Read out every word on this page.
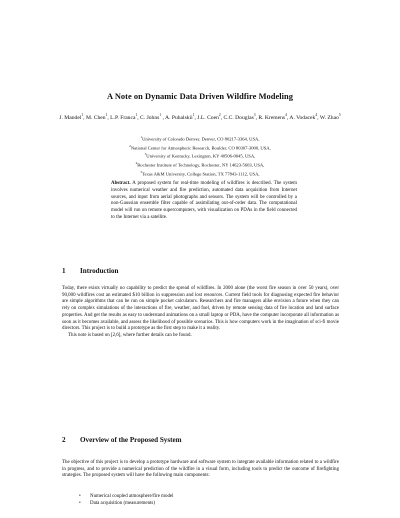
A Note on Dynamic Data Driven Wildfire Modeling
J. Mandel$^1$, M. Chen$^1$, L.P. Franca$^1$, C. Johns$^1$ , A. Puhalskii$^1$, J.L. Coen$^2$, C.C. Douglas$^3$, R. Kremens$^4$, A. Vodacek$^4$, W. Zhao$^5$
$^1$University of Colorado Denver, Denver, CO 80217-3364, USA,
$^2$National Center for Atmospheric Research, Boulder, CO 80307-3000, USA,
$^3$University of Kentucky, Lexington, KY 40506-0045, USA,
$^4$Rochester Institute of Technology, Rochester, NY 14623-5603, USA,
$^5$Texas A&M University, College Station, TX 77843-1112, USA,
Abstract. A proposed system for real-time modeling of wildfires is described. The system involves numerical weather and fire prediction, automated data acquisition from Internet sources, and input from aerial photographs and sensors. The system will be controlled by a non-Gaussian ensemble filter capable of assimilating out-of-order data. The computational model will run on remote supercomputers, with visualization on PDAs in the field connected to the Internet via a satellite.
1 Introduction

Today, there exists virtually no capability to predict the spread of wildfires. In 2000 alone (the worst fire season in over 50 years), over 90,000 wildfires cost an estimated $10 billion in suppression and lost resources. Current field tools for diagnosing expected fire behavior are simple algorithms that can be run on simple pocket calculators. Researchers and fire managers alike envision a future when they can rely on complex simulations of the interactions of fire, weather, and fuel, driven by remote sensing data of fire location and land surface properties. And get the results as easy to understand animations on a small laptop or PDA, have the computer incorporate all information as soon as it becomes available, and assess the likelihood of possible scenarios. This is how computers work in the imagination of sci-fi movie directors. This project is to build a prototype as the first step to make it a reality.

This note is based on [2,6], where further details can be found.

2 Overview of the Proposed System

The objective of this project is to develop a prototype hardware and software system to integrate available information related to a wildfire in progress, and to provide a numerical prediction of the wildfire in a visual form, including tools to predict the outcome of firefighting strategies. The proposed system will have the following main components:

• Numerical coupled atmosphere/fire model
• Data acquisition (measurements)
